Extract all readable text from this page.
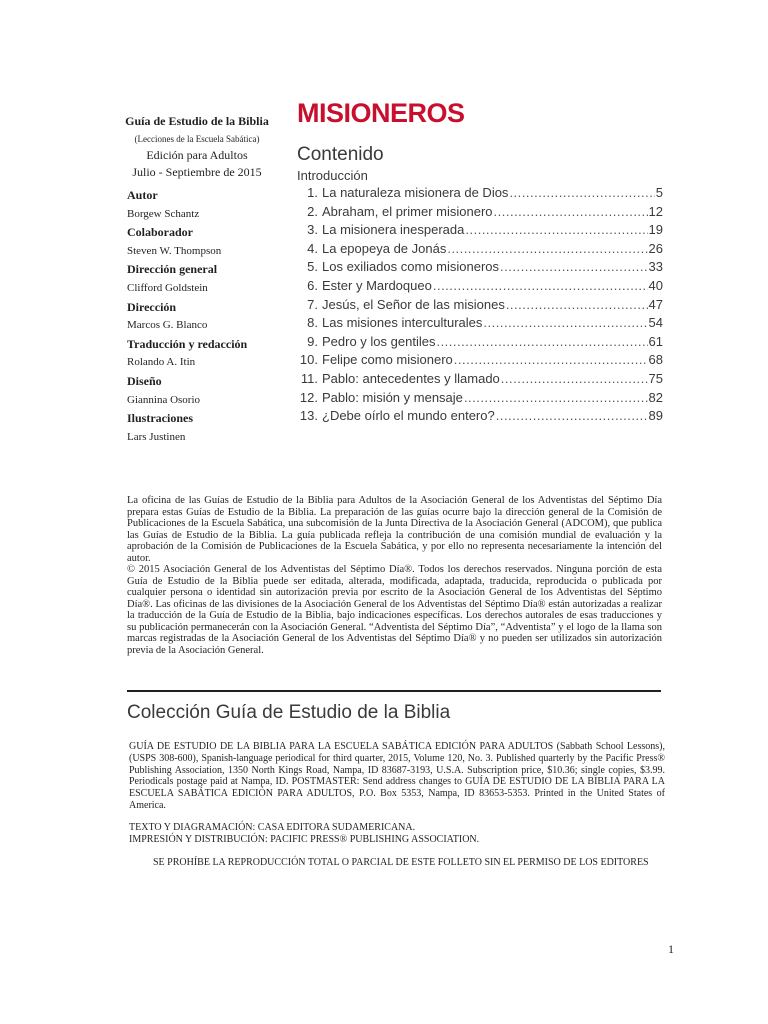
Guía de Estudio de la Biblia
(Lecciones de la Escuela Sabática)
Edición para Adultos
Julio - Septiembre de 2015
Autor
Borgew Schantz
Colaborador
Steven W. Thompson
Dirección general
Clifford Goldstein
Dirección
Marcos G. Blanco
Traducción y redacción
Rolando A. Itin
Diseño
Giannina Osorio
Ilustraciones
Lars Justinen
MISIONEROS
Contenido
Introducción
1. La naturaleza misionera de Dios .....	5
2. Abraham, el primer misionero .....	12
3. La misionera inesperada .....	19
4. La epopeya de Jonás .....	26
5. Los exiliados como misioneros .....	33
6. Ester y Mardoqueo .....	40
7. Jesús, el Señor de las misiones .....	47
8. Las misiones interculturales .....	54
9. Pedro y los gentiles .....	61
10. Felipe como misionero .....	68
11. Pablo: antecedentes y llamado .....	75
12. Pablo: misión y mensaje .....	82
13. ¿Debe oírlo el mundo entero? .....	89

La oficina de las Guías de Estudio de la Biblia para Adultos de la Asociación General de los Adventistas del Séptimo Día prepara estas Guías de Estudio de la Biblia. La preparación de las guías ocurre bajo la dirección general de la Comisión de Publicaciones de la Escuela Sabática, una subcomisión de la Junta Directiva de la Asociación General (ADCOM), que publica las Guías de Estudio de la Biblia. La guía publicada refleja la contribución de una comisión mundial de evaluación y la aprobación de la Comisión de Publicaciones de la Escuela Sabática, y por ello no representa necesariamente la intención del autor.

© 2015 Asociación General de los Adventistas del Séptimo Día®. Todos los derechos reservados. Ninguna porción de esta Guía de Estudio de la Biblia puede ser editada, alterada, modificada, adaptada, traducida, reproducida o publicada por cualquier persona o identidad sin autorización previa por escrito de la Asociación General de los Adventistas del Séptimo Día®. Las oficinas de las divisiones de la Asociación General de los Adventistas del Séptimo Día® están autorizadas a realizar la traducción de la Guía de Estudio de la Biblia, bajo indicaciones específicas. Los derechos autorales de esas traducciones y su publicación permanecerán con la Asociación General. “Adventista del Séptimo Día”, “Adventista” y el logo de la llama son marcas registradas de la Asociación General de los Adventistas del Séptimo Día® y no pueden ser utilizados sin autorización previa de la Asociación General.

Colección Guía de Estudio de la Biblia
GUÍA DE ESTUDIO DE LA BIBLIA PARA LA ESCUELA SABÁTICA EDICIÓN PARA ADULTOS (Sabbath School Lessons), (USPS 308-600), Spanish-language periodical for third quarter, 2015, Volume 120, No. 3. Published quarterly by the Pacific Press® Publishing Association, 1350 North Kings Road, Nampa, ID 83687-3193, U.S.A. Subscription price, $10.36; single copies, $3.99. Periodicals postage paid at Nampa, ID. POSTMASTER: Send address changes to GUÍA DE ESTUDIO DE LA BIBLIA PARA LA ESCUELA SABÁTICA EDICIÓN PARA ADULTOS, P.O. Box 5353, Nampa, ID 83653-5353. Printed in the United States of America.
TEXTO Y DIAGRAMACIÓN: CASA EDITORA SUDAMERICANA.
IMPRESIÓN Y DISTRIBUCIÓN: PACIFIC PRESS® PUBLISHING ASSOCIATION.
SE PROHÍBE LA REPRODUCCIÓN TOTAL O PARCIAL DE ESTE FOLLETO SIN EL PERMISO DE LOS EDITORES
1
